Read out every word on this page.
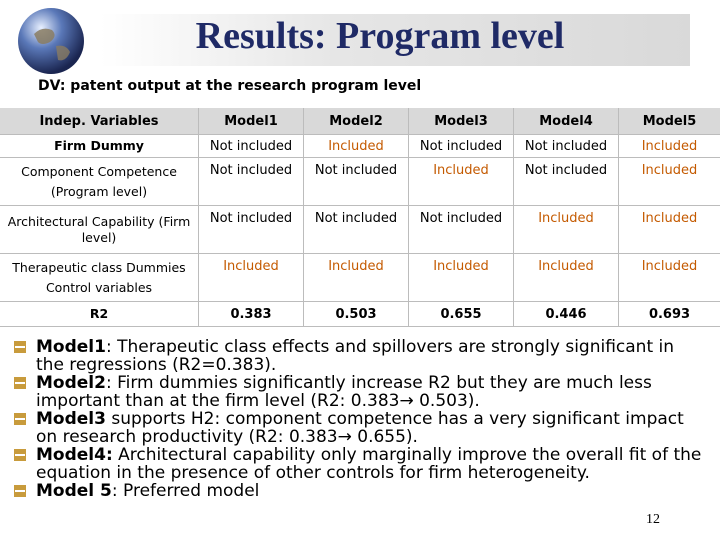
Results: Program level
DV: patent output at the research program level
Indep. Variables	Model1	Model2	Model3	Model4	Model5
Firm Dummy	Not included	Included	Not included	Not included	Included
Component Competence
(Program level)	Not included	Not included	Included	Not included	Included
Architectural Capability (Firm
level)	Not included	Not included	Not included	Included	Included
Therapeutic class Dummies
Control variables	Included	Included	Included	Included	Included
R2	0.383	0.503	0.655	0.446	0.693
Model1: Therapeutic class effects and spillovers are strongly significant in the regressions (R2=0.383).
Model2: Firm dummies significantly increase R2 but they are much less important than at the firm level (R2: 0.383→ 0.503).
Model3 supports H2: component competence has a very significant impact on research productivity (R2: 0.383→ 0.655).
Model4: Architectural capability only marginally improve the overall fit of the equation in the presence of other controls for firm heterogeneity.
Model 5: Preferred model
12
